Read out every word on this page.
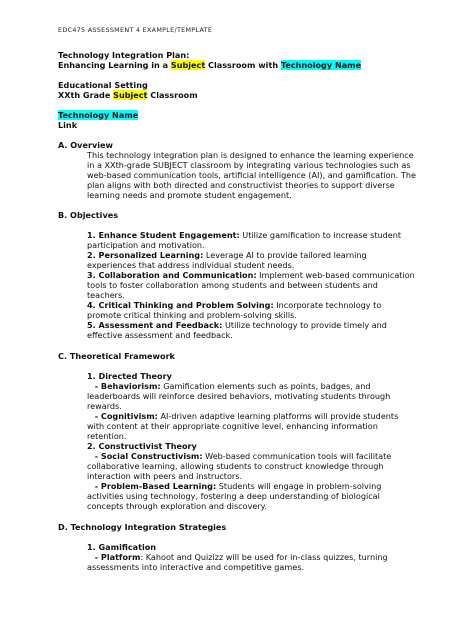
EDC475 ASSESSMENT 4 EXAMPLE/TEMPLATE

Technology Integration Plan:

Enhancing Learning in a Subject Classroom with Technology Name

Educational Setting

XXth Grade Subject Classroom

Technology Name

Link

A. Overview

This technology integration plan is designed to enhance the learning experience in a XXth-grade SUBJECT classroom by integrating various technologies such as web-based communication tools, artificial intelligence (AI), and gamification. The plan aligns with both directed and constructivist theories to support diverse learning needs and promote student engagement.

B. Objectives

1. Enhance Student Engagement: Utilize gamification to increase student participation and motivation.

2. Personalized Learning: Leverage AI to provide tailored learning experiences that address individual student needs.

3. Collaboration and Communication: Implement web-based communication tools to foster collaboration among students and between students and teachers.

4. Critical Thinking and Problem Solving: Incorporate technology to promote critical thinking and problem-solving skills.

5. Assessment and Feedback: Utilize technology to provide timely and effective assessment and feedback.

C. Theoretical Framework

1. Directed Theory

- Behaviorism: Gamification elements such as points, badges, and leaderboards will reinforce desired behaviors, motivating students through rewards.

- Cognitivism: AI-driven adaptive learning platforms will provide students with content at their appropriate cognitive level, enhancing information retention.

2. Constructivist Theory

- Social Constructivism: Web-based communication tools will facilitate collaborative learning, allowing students to construct knowledge through interaction with peers and instructors.

- Problem-Based Learning: Students will engage in problem-solving activities using technology, fostering a deep understanding of biological concepts through exploration and discovery.

D. Technology Integration Strategies

1. Gamification

- Platform: Kahoot and Quizizz will be used for in-class quizzes, turning assessments into interactive and competitive games.
